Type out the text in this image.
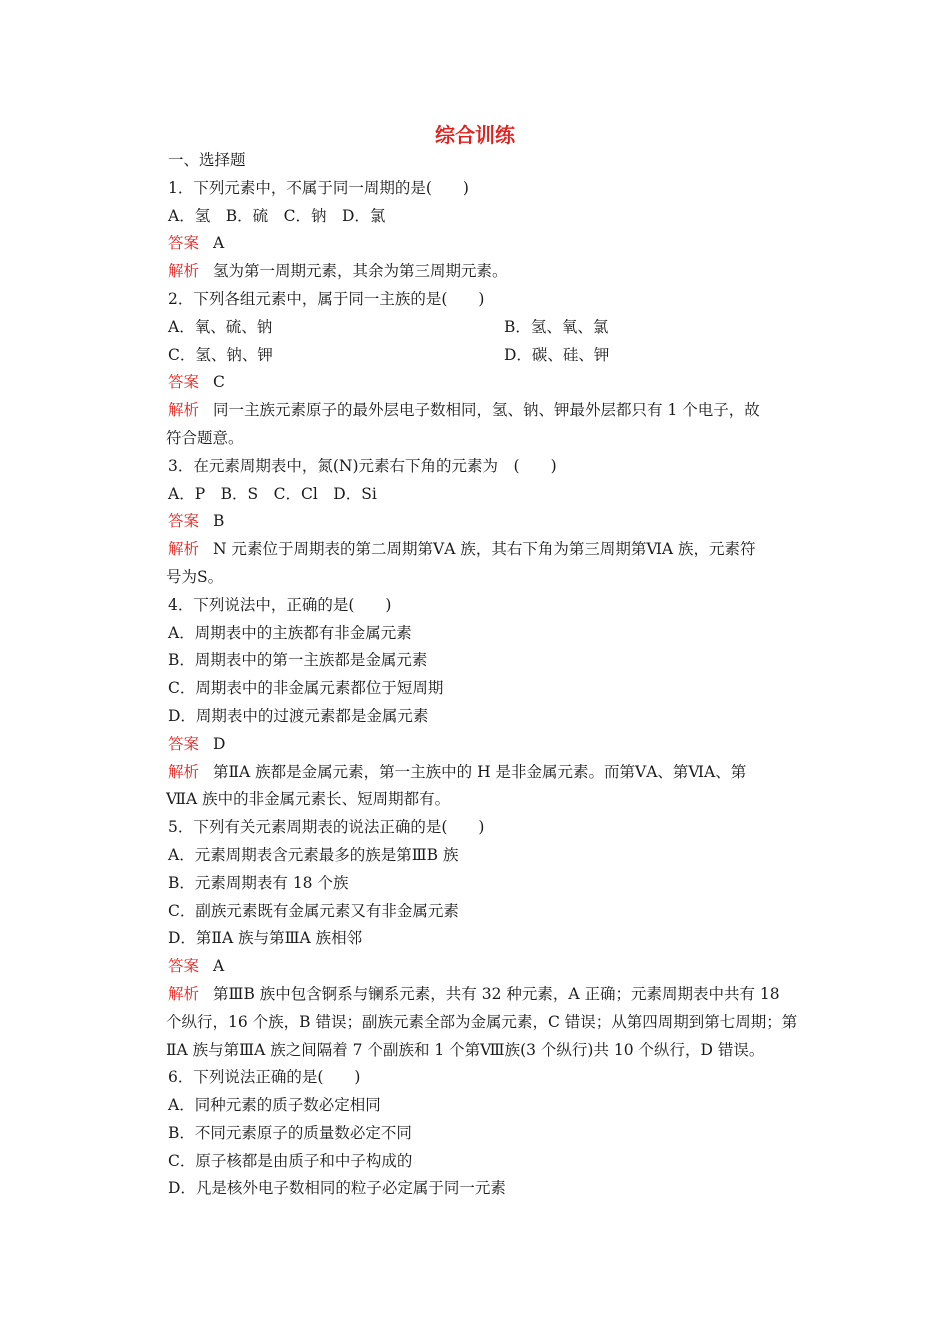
综合训练
一、选择题
1．下列元素中，不属于同一周期的是(　　)
A．氢　B．硫　C．钠　D．氯
答案 A
解析 氢为第一周期元素，其余为第三周期元素。
2．下列各组元素中，属于同一主族的是(　　)
A．氧、硫、钠	B．氢、氧、氯
C．氢、钠、钾	D．碳、硅、钾
答案 C
解析 同一主族元素原子的最外层电子数相同，氢、钠、钾最外层都只有 1 个电子，故
符合题意。
3．在元素周期表中，氮(N)元素右下角的元素为　(　　)
A．P　B．S　C．Cl　D．Si
答案 B
解析 N 元素位于周期表的第二周期第ⅤA 族，其右下角为第三周期第ⅥA 族，元素符
号为S。
4．下列说法中，正确的是(　　)
A．周期表中的主族都有非金属元素
B．周期表中的第一主族都是金属元素
C．周期表中的非金属元素都位于短周期
D．周期表中的过渡元素都是金属元素
答案 D
解析 第ⅡA 族都是金属元素，第一主族中的 H 是非金属元素。而第ⅤA、第ⅥA、第
ⅦA 族中的非金属元素长、短周期都有。
5．下列有关元素周期表的说法正确的是(　　)
A．元素周期表含元素最多的族是第ⅢB 族
B．元素周期表有 18 个族
C．副族元素既有金属元素又有非金属元素
D．第ⅡA 族与第ⅢA 族相邻
答案 A
解析 第ⅢB 族中包含锕系与镧系元素，共有 32 种元素，A 正确；元素周期表中共有 18
个纵行，16 个族，B 错误；副族元素全部为金属元素，C 错误；从第四周期到第七周期；第
ⅡA 族与第ⅢA 族之间隔着 7 个副族和 1 个第Ⅷ族(3 个纵行)共 10 个纵行，D 错误。
6．下列说法正确的是(　　)
A．同种元素的质子数必定相同
B．不同元素原子的质量数必定不同
C．原子核都是由质子和中子构成的
D．凡是核外电子数相同的粒子必定属于同一元素
